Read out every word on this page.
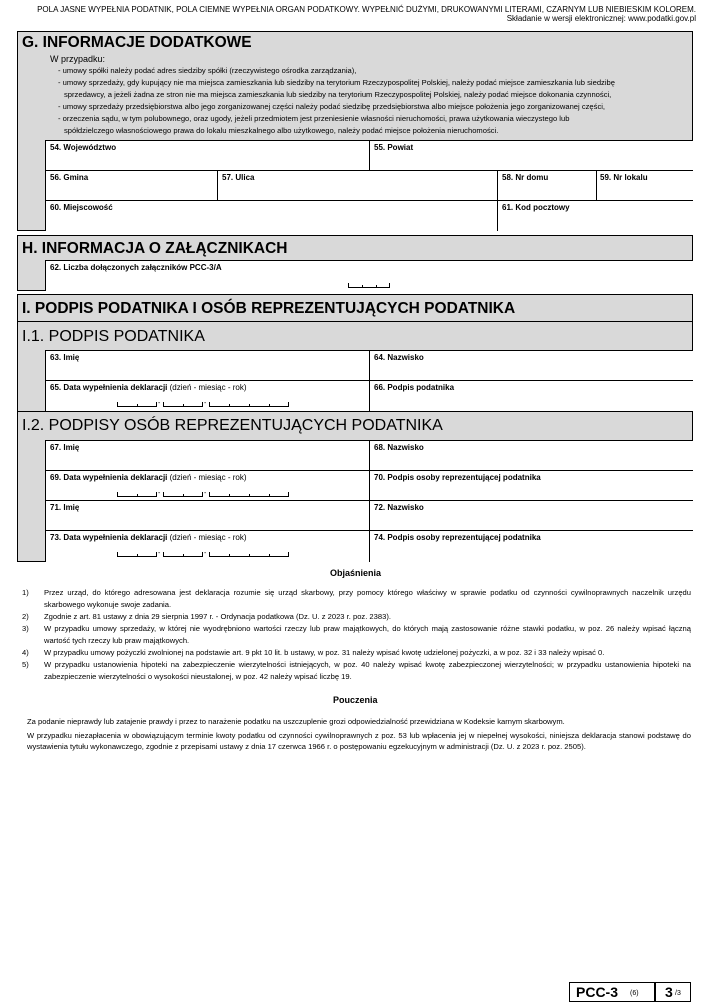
POLA JASNE WYPEŁNIA PODATNIK, POLA CIEMNE WYPEŁNIA ORGAN PODATKOWY. WYPEŁNIĆ DUŻYMI, DRUKOWANYMI LITERAMI, CZARNYM LUB NIEBIESKIM KOLOREM.
Składanie w wersji elektronicznej: www.podatki.gov.pl
G. INFORMACJE DODATKOWE
W przypadku:
- umowy spółki należy podać adres siedziby spółki (rzeczywistego ośrodka zarządzania),
- umowy sprzedaży, gdy kupujący nie ma miejsca zamieszkania lub siedziby na terytorium Rzeczypospolitej Polskiej, należy podać miejsce zamieszkania lub siedzibę
sprzedawcy, a jeżeli żadna ze stron nie ma miejsca zamieszkania lub siedziby na terytorium Rzeczypospolitej Polskiej, należy podać miejsce dokonania czynności,
- umowy sprzedaży przedsiębiorstwa albo jego zorganizowanej części należy podać siedzibę przedsiębiorstwa albo miejsce położenia jego zorganizowanej części,
- orzeczenia sądu, w tym polubownego, oraz ugody, jeżeli przedmiotem jest przeniesienie własności nieruchomości, prawa użytkowania wieczystego lub
spółdzielczego własnościowego prawa do lokalu mieszkalnego albo użytkowego, należy podać miejsce położenia nieruchomości.
54. Województwo	55. Powiat
56. Gmina	57. Ulica	58. Nr domu	59. Nr lokalu
60. Miejscowość	61. Kod pocztowy
H. INFORMACJA O ZAŁĄCZNIKACH
62. Liczba dołączonych załączników PCC-3/A
I. PODPIS PODATNIKA I OSÓB REPREZENTUJĄCYCH PODATNIKA
I.1. PODPIS PODATNIKA
63. Imię	64. Nazwisko
65. Data wypełnienia deklaracji (dzień - miesiąc - rok)	66. Podpis podatnika
I.2. PODPISY OSÓB REPREZENTUJĄCYCH PODATNIKA
67. Imię	68. Nazwisko
69. Data wypełnienia deklaracji (dzień - miesiąc - rok)	70. Podpis osoby reprezentującej podatnika
71. Imię	72. Nazwisko
73. Data wypełnienia deklaracji (dzień - miesiąc - rok)	74. Podpis osoby reprezentującej podatnika
-	-
-	-
-	-
Objaśnienia
1) Przez urząd, do którego adresowana jest deklaracja rozumie się urząd skarbowy, przy pomocy którego właściwy w sprawie podatku od czynności cywilnoprawnych naczelnik urzędu skarbowego wykonuje swoje zadania.
2) Zgodnie z art. 81 ustawy z dnia 29 sierpnia 1997 r. - Ordynacja podatkowa (Dz. U. z 2023 r. poz. 2383).
3) W przypadku umowy sprzedaży, w której nie wyodrębniono wartości rzeczy lub praw majątkowych, do których mają zastosowanie różne stawki podatku, w poz. 26 należy wpisać łączną wartość tych rzeczy lub praw majątkowych.
4) W przypadku umowy pożyczki zwolnionej na podstawie art. 9 pkt 10 lit. b ustawy, w poz. 31 należy wpisać kwotę udzielonej pożyczki, a w poz. 32 i 33 należy wpisać 0.
5) W przypadku ustanowienia hipoteki na zabezpieczenie wierzytelności istniejących, w poz. 40 należy wpisać kwotę zabezpieczonej wierzytelności; w przypadku ustanowienia hipoteki na zabezpieczenie wierzytelności o wysokości nieustalonej, w poz. 42 należy wpisać liczbę 19.
Pouczenia
Za podanie nieprawdy lub zatajenie prawdy i przez to narażenie podatku na uszczuplenie grozi odpowiedzialność przewidziana w Kodeksie karnym skarbowym.
W przypadku niezapłacenia w obowiązującym terminie kwoty podatku od czynności cywilnoprawnych z poz. 53 lub wpłacenia jej w niepełnej wysokości, niniejsza deklaracja stanowi podstawę do wystawienia tytułu wykonawczego, zgodnie z przepisami ustawy z dnia 17 czerwca 1966 r. o postępowaniu egzekucyjnym w administracji (Dz. U. z 2023 r. poz. 2505).
PCC-3 (6) 3 /3
